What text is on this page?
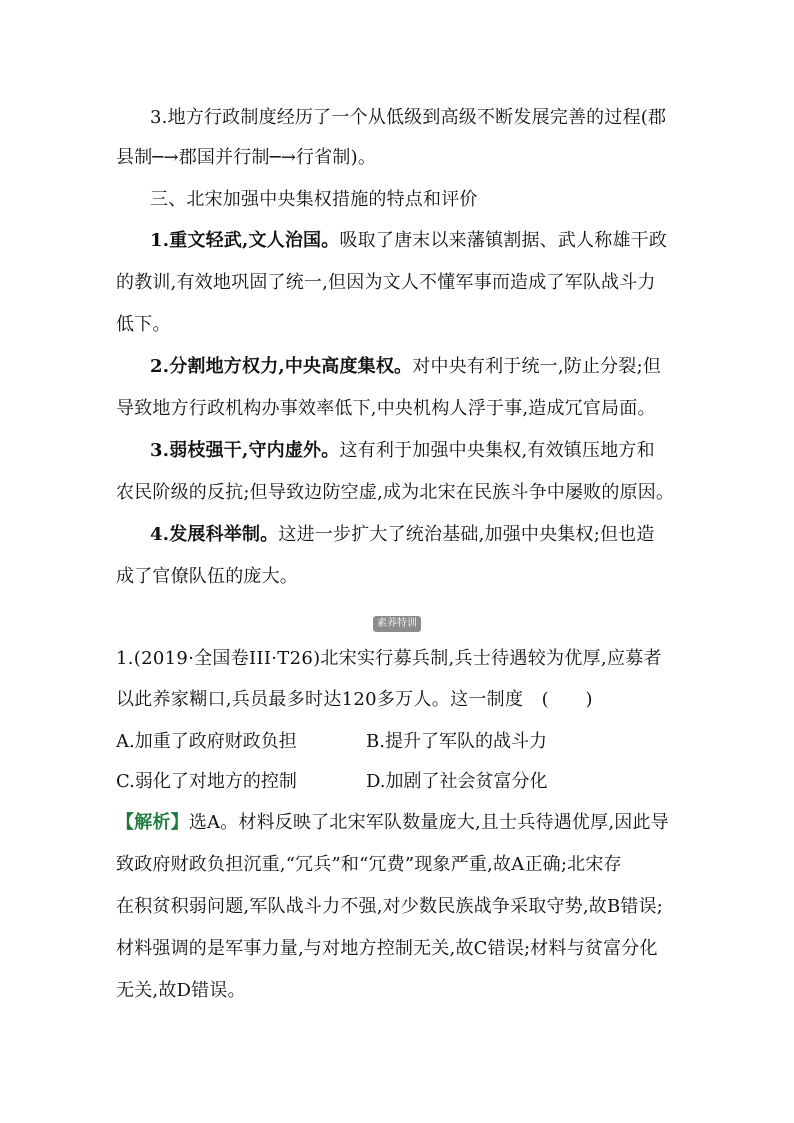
3.地方行政制度经历了一个从低级到高级不断发展完善的过程(郡
县制─→郡国并行制─→行省制)。
三、北宋加强中央集权措施的特点和评价
1.重文轻武,文人治国。吸取了唐末以来藩镇割据、武人称雄干政
的教训,有效地巩固了统一,但因为文人不懂军事而造成了军队战斗力
低下。
2.分割地方权力,中央高度集权。对中央有利于统一,防止分裂;但
导致地方行政机构办事效率低下,中央机构人浮于事,造成冗官局面。
3.弱枝强干,守内虚外。这有利于加强中央集权,有效镇压地方和
农民阶级的反抗;但导致边防空虚,成为北宋在民族斗争中屡败的原因。
4.发展科举制。这进一步扩大了统治基础,加强中央集权;但也造
成了官僚队伍的庞大。
素养特训
1.(2019·全国卷III·T26)北宋实行募兵制,兵士待遇较为优厚,应募者
以此养家糊口,兵员最多时达120多万人。这一制度　(　　)
A.加重了政府财政负担	B.提升了军队的战斗力
C.弱化了对地方的控制	D.加剧了社会贫富分化
【解析】选A。材料反映了北宋军队数量庞大,且士兵待遇优厚,因此导
致政府财政负担沉重,“冗兵”和“冗费”现象严重,故A正确;北宋存
在积贫积弱问题,军队战斗力不强,对少数民族战争采取守势,故B错误;
材料强调的是军事力量,与对地方控制无关,故C错误;材料与贫富分化
无关,故D错误。
